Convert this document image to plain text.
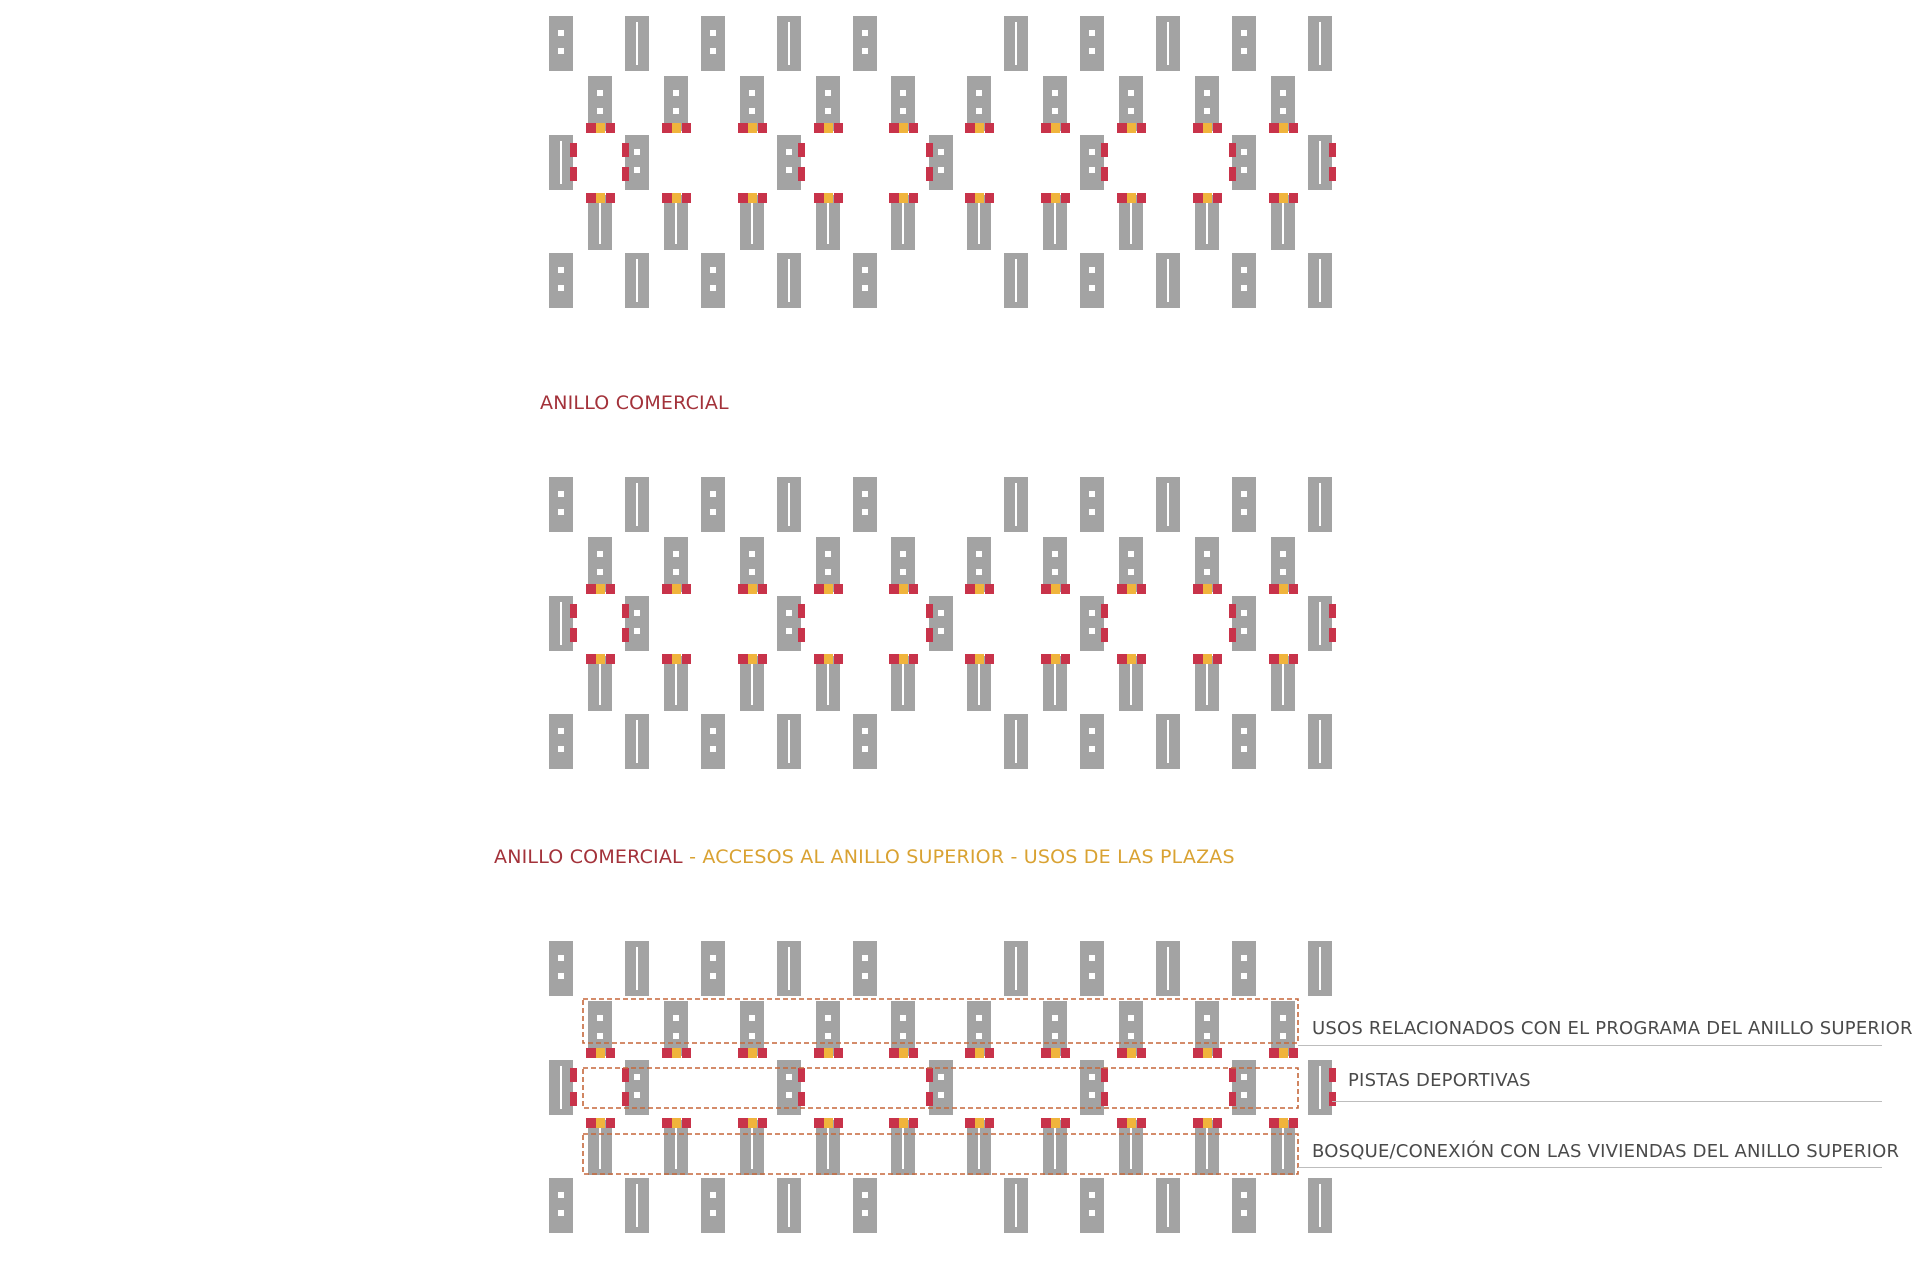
ANILLO COMERCIAL

ANILLO COMERCIAL - ACCESOS AL ANILLO SUPERIOR - USOS DE LAS PLAZAS

USOS RELACIONADOS CON EL PROGRAMA DEL ANILLO SUPERIOR
PISTAS DEPORTIVAS
BOSQUE/CONEXIÓN CON LAS VIVIENDAS DEL ANILLO SUPERIOR
